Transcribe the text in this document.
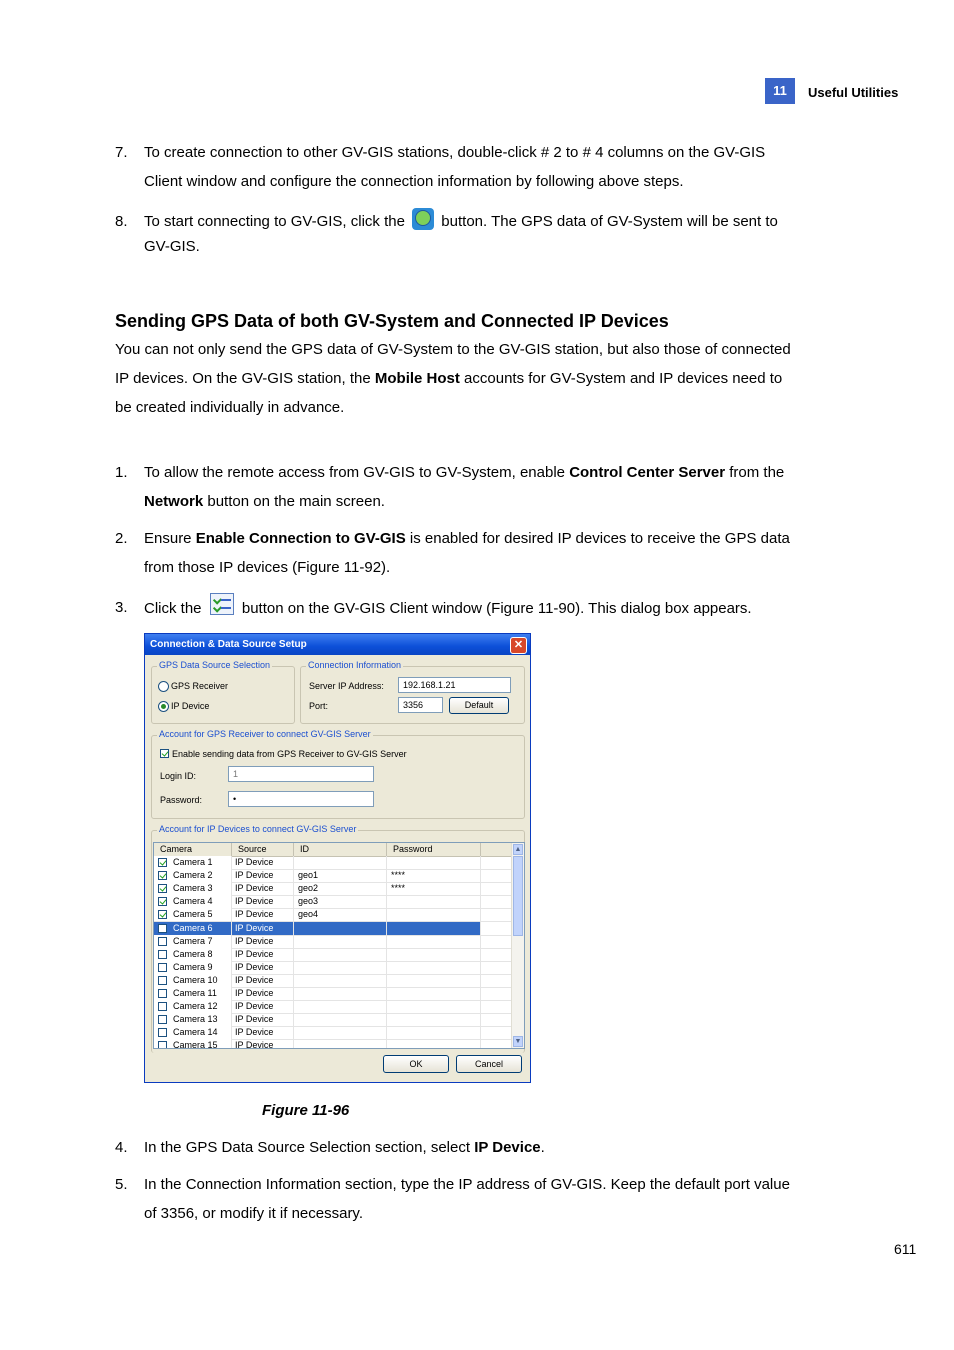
11	Useful Utilities
7. To create connection to other GV-GIS stations, double-click # 2 to # 4 columns on the GV-GIS
Client window and configure the connection information by following above steps.
8. To start connecting to GV-GIS, click the button. The GPS data of GV-System will be sent to
GV-GIS.
Sending GPS Data of both GV-System and Connected IP Devices
You can not only send the GPS data of GV-System to the GV-GIS station, but also those of connected
IP devices. On the GV-GIS station, the Mobile Host accounts for GV-System and IP devices need to
be created individually in advance.
1. To allow the remote access from GV-GIS to GV-System, enable Control Center Server from the
Network button on the main screen.
2. Ensure Enable Connection to GV-GIS is enabled for desired IP devices to receive the GPS data
from those IP devices (Figure 11-92).
3. Click the	button on the GV-GIS Client window (Figure 11-90). This dialog box appears.
Connection & Data Source Setup	✕
GPS Data Source Selection
GPS Receiver
IP Device
Connection Information
Server IP Address:	192.168.1.21
Port:	3356	Default
Account for GPS Receiver to connect GV-GIS Server
Enable sending data from GPS Receiver to GV-GIS Server
Login ID:	1
Password:	•
Account for IP Devices to connect GV-GIS Server
Camera	Source	ID	Password
Camera 1	IP Device
Camera 2	IP Device	geo1	****
Camera 3	IP Device	geo2	****
Camera 4	IP Device	geo3
Camera 5	IP Device	geo4
Camera 6	IP Device
Camera 7	IP Device
Camera 8	IP Device
Camera 9	IP Device
Camera 10	IP Device
Camera 11	IP Device
Camera 12	IP Device
Camera 13	IP Device
Camera 14	IP Device
Camera 15	IP Device
▲
▼
OK	Cancel
Figure 11-96
4. In the GPS Data Source Selection section, select IP Device.
5. In the Connection Information section, type the IP address of GV-GIS. Keep the default port value
of 3356, or modify it if necessary.
611
